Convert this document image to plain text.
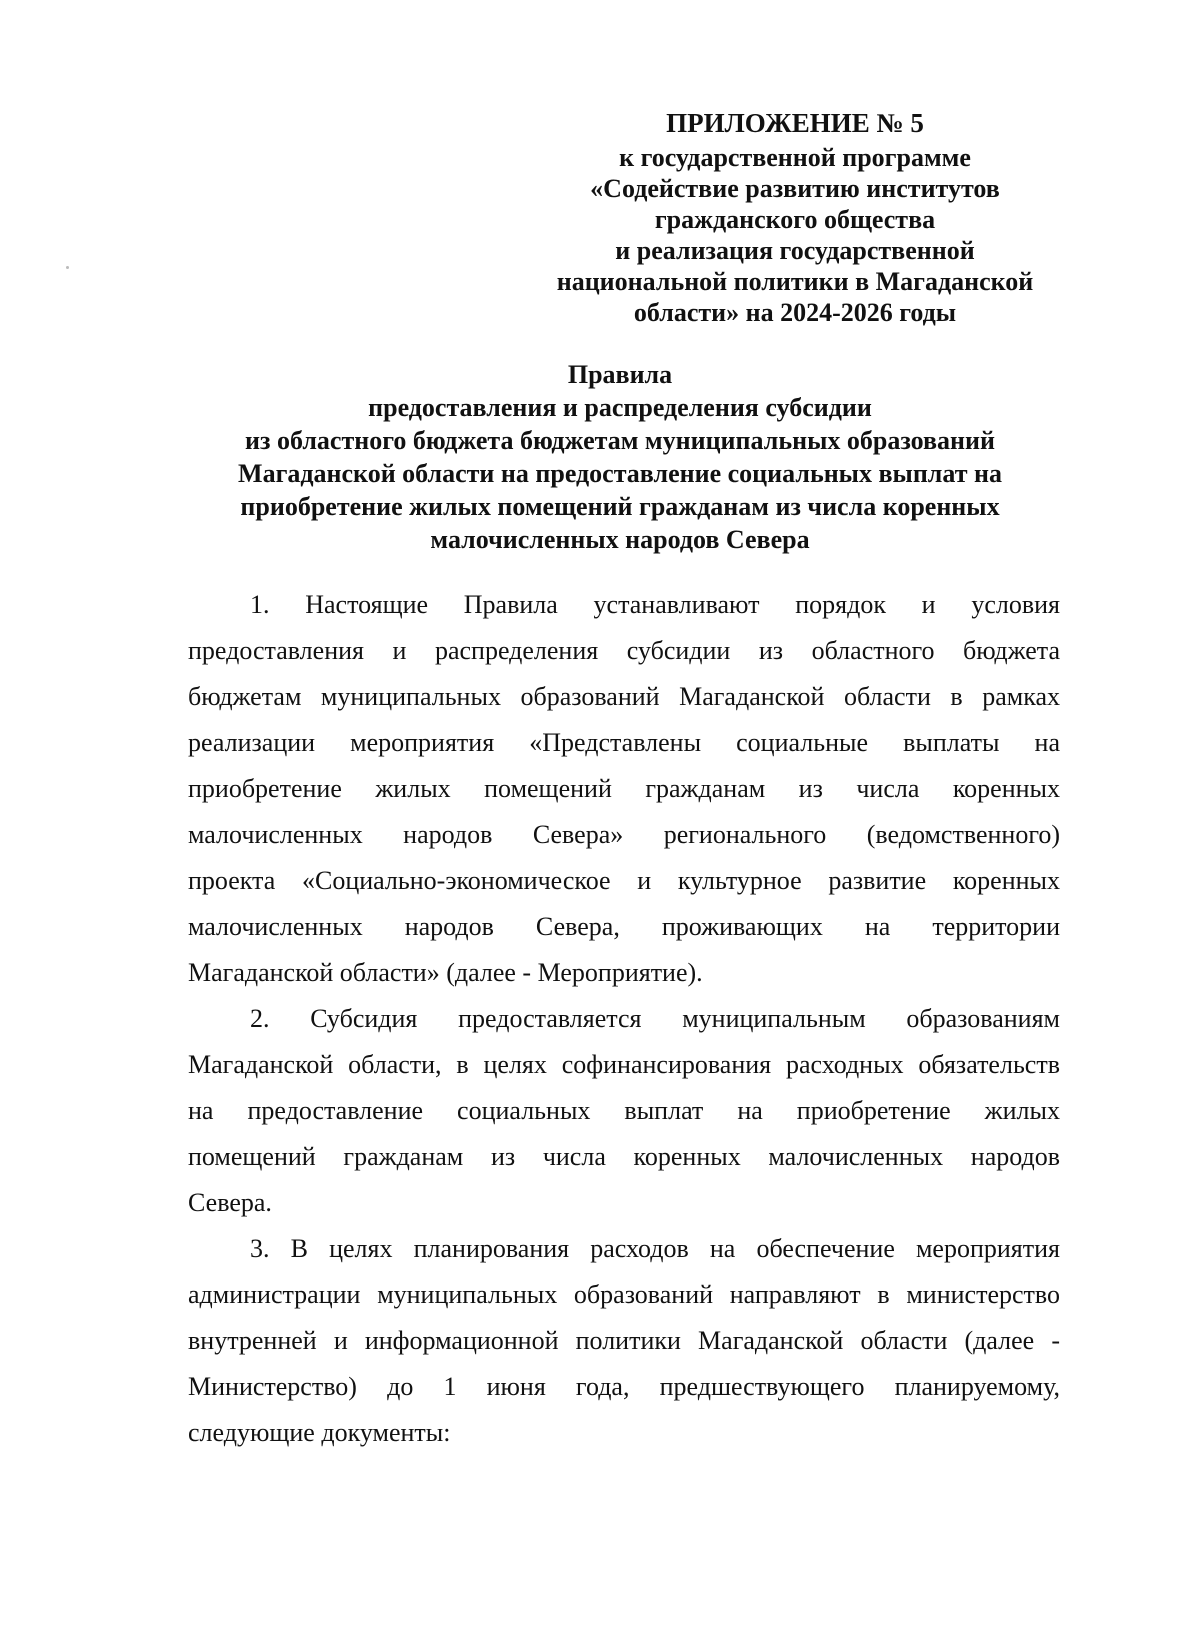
ПРИЛОЖЕНИЕ № 5
к государственной программе
«Содействие развитию институтов
гражданского общества
и реализация государственной
национальной политики в Магаданской
области» на 2024-2026 годы
Правила
предоставления и распределения субсидии
из областного бюджета бюджетам муниципальных образований
Магаданской области на предоставление социальных выплат на
приобретение жилых помещений гражданам из числа коренных
малочисленных народов Севера
1. Настоящие Правила устанавливают порядок и условия
предоставления и распределения субсидии из областного бюджета
бюджетам муниципальных образований Магаданской области в рамках
реализации мероприятия «Представлены социальные выплаты на
приобретение жилых помещений гражданам из числа коренных
малочисленных народов Севера» регионального (ведомственного)
проекта «Социально-экономическое и культурное развитие коренных
малочисленных народов Севера, проживающих на территории
Магаданской области» (далее - Мероприятие).
2. Субсидия предоставляется муниципальным образованиям
Магаданской области, в целях софинансирования расходных обязательств
на предоставление социальных выплат на приобретение жилых
помещений гражданам из числа коренных малочисленных народов
Севера.
3. В целях планирования расходов на обеспечение мероприятия
администрации муниципальных образований направляют в министерство
внутренней и информационной политики Магаданской области (далее -
Министерство) до 1 июня года, предшествующего планируемому,
следующие документы:
